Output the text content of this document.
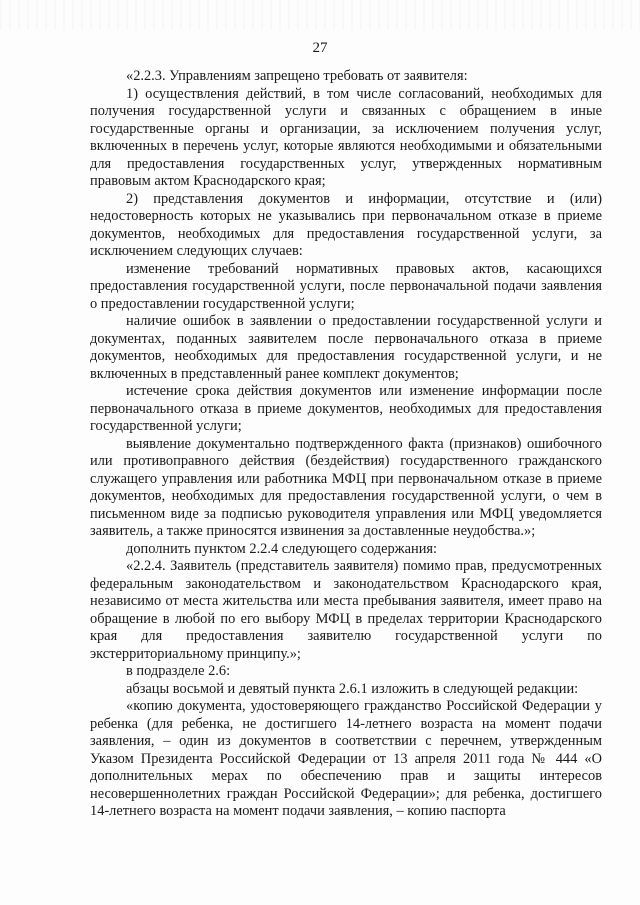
27

«2.2.3. Управлениям запрещено требовать от заявителя:

1) осуществления действий, в том числе согласований, необходимых для получения государственной услуги и связанных с обращением в иные государственные органы и организации, за исключением получения услуг, включенных в перечень услуг, которые являются необходимыми и обязательными для предоставления государственных услуг, утвержденных нормативным правовым актом Краснодарского края;

2) представления документов и информации, отсутствие и (или) недостоверность которых не указывались при первоначальном отказе в приеме документов, необходимых для предоставления государственной услуги, за исключением следующих случаев:

изменение требований нормативных правовых актов, касающихся предоставления государственной услуги, после первоначальной подачи заявления о предоставлении государственной услуги;

наличие ошибок в заявлении о предоставлении государственной услуги и документах, поданных заявителем после первоначального отказа в приеме документов, необходимых для предоставления государственной услуги, и не включенных в представленный ранее комплект документов;

истечение срока действия документов или изменение информации после первоначального отказа в приеме документов, необходимых для предоставления государственной услуги;

выявление документально подтвержденного факта (признаков) ошибочного или противоправного действия (бездействия) государственного гражданского служащего управления или работника МФЦ при первоначальном отказе в приеме документов, необходимых для предоставления государственной услуги, о чем в письменном виде за подписью руководителя управления или МФЦ уведомляется заявитель, а также приносятся извинения за доставленные неудобства.»;

дополнить пунктом 2.2.4 следующего содержания:

«2.2.4. Заявитель (представитель заявителя) помимо прав, предусмотренных федеральным законодательством и законодательством Краснодарского края, независимо от места жительства или места пребывания заявителя, имеет право на обращение в любой по его выбору МФЦ в пределах территории Краснодарского края для предоставления заявителю государственной услуги по экстерриториальному принципу.»;

в подразделе 2.6:

абзацы восьмой и девятый пункта 2.6.1 изложить в следующей редакции:

«копию документа, удостоверяющего гражданство Российской Федерации у ребенка (для ребенка, не достигшего 14-летнего возраста на момент подачи заявления, – один из документов в соответствии с перечнем, утвержденным Указом Президента Российской Федерации от 13 апреля 2011 года № 444 «О дополнительных мерах по обеспечению прав и защиты интересов несовершеннолетних граждан Российской Федерации»; для ребенка, достигшего 14-летнего возраста на момент подачи заявления, – копию паспорта
